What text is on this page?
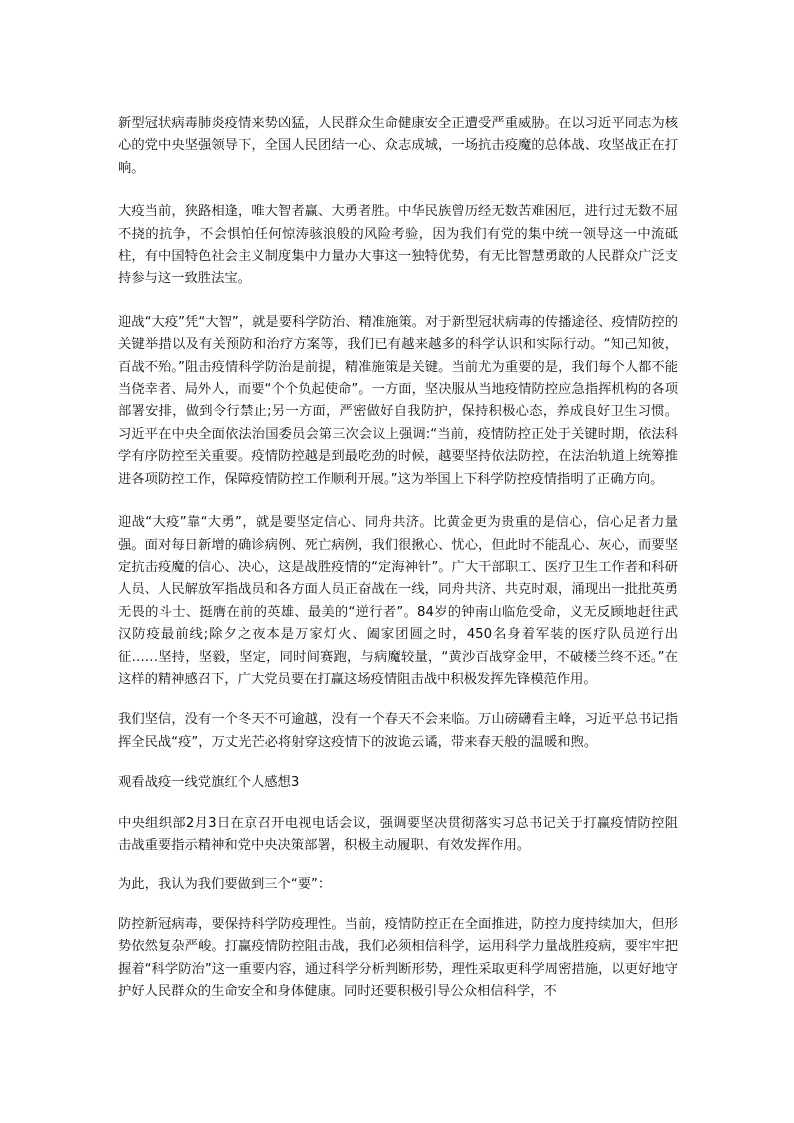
新型冠状病毒肺炎疫情来势凶猛，人民群众生命健康安全正遭受严重威胁。在以习近平同志为核心的党中央坚强领导下，全国人民团结一心、众志成城，一场抗击疫魔的总体战、攻坚战正在打响。

大疫当前，狭路相逢，唯大智者赢、大勇者胜。中华民族曾历经无数苦难困厄，进行过无数不屈不挠的抗争，不会惧怕任何惊涛骇浪般的风险考验，因为我们有党的集中统一领导这一中流砥柱，有中国特色社会主义制度集中力量办大事这一独特优势，有无比智慧勇敢的人民群众广泛支持参与这一致胜法宝。

迎战“大疫”凭“大智”，就是要科学防治、精准施策。对于新型冠状病毒的传播途径、疫情防控的关键举措以及有关预防和治疗方案等，我们已有越来越多的科学认识和实际行动。“知己知彼，百战不殆。”阻击疫情科学防治是前提，精准施策是关键。当前尤为重要的是，我们每个人都不能当侥幸者、局外人，而要“个个负起使命”。一方面，坚决服从当地疫情防控应急指挥机构的各项部署安排，做到令行禁止;另一方面，严密做好自我防护，保持积极心态，养成良好卫生习惯。习近平在中央全面依法治国委员会第三次会议上强调:“当前，疫情防控正处于关键时期，依法科学有序防控至关重要。疫情防控越是到最吃劲的时候，越要坚持依法防控，在法治轨道上统筹推进各项防控工作，保障疫情防控工作顺利开展。”这为举国上下科学防控疫情指明了正确方向。

迎战“大疫”靠“大勇”，就是要坚定信心、同舟共济。比黄金更为贵重的是信心，信心足者力量强。面对每日新增的确诊病例、死亡病例，我们很揪心、忧心，但此时不能乱心、灰心，而要坚定抗击疫魔的信心、决心，这是战胜疫情的“定海神针”。广大干部职工、医疗卫生工作者和科研人员、人民解放军指战员和各方面人员正奋战在一线，同舟共济、共克时艰，涌现出一批批英勇无畏的斗士、挺膺在前的英雄、最美的“逆行者”。84岁的钟南山临危受命，义无反顾地赶往武汉防疫最前线;除夕之夜本是万家灯火、阖家团圆之时，450名身着军装的医疗队员逆行出征……坚持，坚毅，坚定，同时间赛跑，与病魔较量，“黄沙百战穿金甲，不破楼兰终不还。”在这样的精神感召下，广大党员要在打赢这场疫情阻击战中积极发挥先锋模范作用。

我们坚信，没有一个冬天不可逾越，没有一个春天不会来临。万山磅礴看主峰，习近平总书记指挥全民战“疫”，万丈光芒必将射穿这疫情下的波诡云谲，带来春天般的温暖和煦。

观看战疫一线党旗红个人感想3

中央组织部2月3日在京召开电视电话会议，强调要坚决贯彻落实习总书记关于打赢疫情防控阻击战重要指示精神和党中央决策部署，积极主动履职、有效发挥作用。

为此，我认为我们要做到三个“要”：

防控新冠病毒，要保持科学防疫理性。当前，疫情防控正在全面推进，防控力度持续加大，但形势依然复杂严峻。打赢疫情防控阻击战，我们必须相信科学，运用科学力量战胜疫病，要牢牢把握着“科学防治”这一重要内容，通过科学分析判断形势，理性采取更科学周密措施，以更好地守护好人民群众的生命安全和身体健康。同时还要积极引导公众相信科学，不
